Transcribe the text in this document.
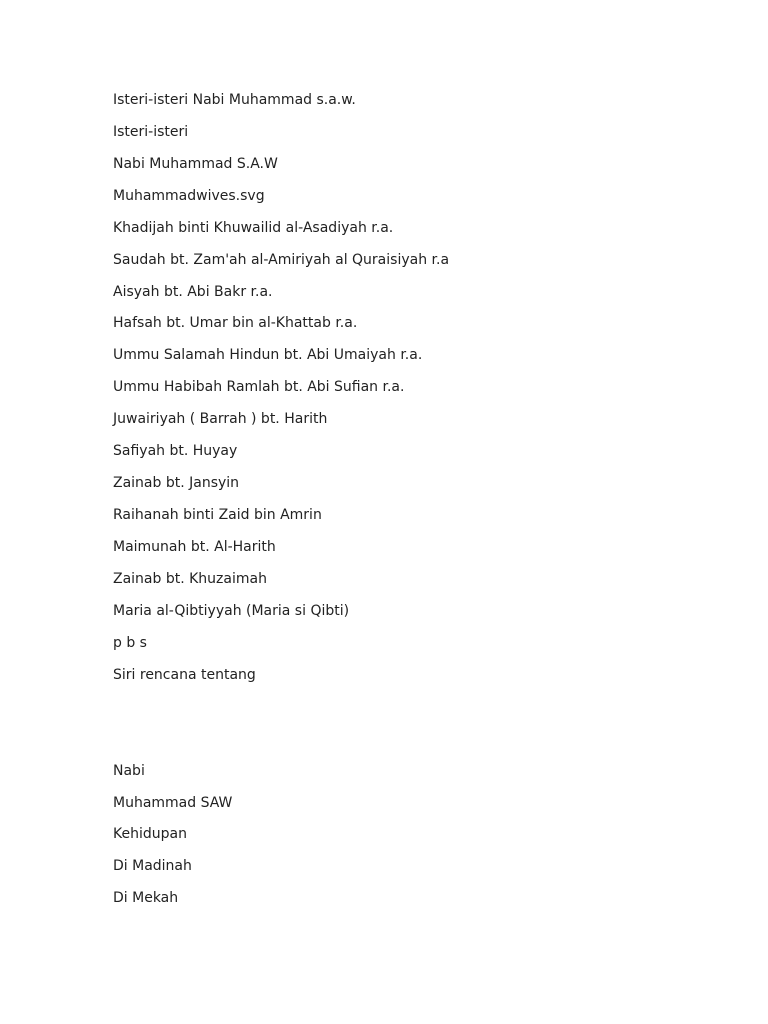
Isteri-isteri Nabi Muhammad s.a.w.
Isteri-isteri
Nabi Muhammad S.A.W
Muhammadwives.svg
Khadijah binti Khuwailid al-Asadiyah r.a.
Saudah bt. Zam'ah al-Amiriyah al Quraisiyah r.a
Aisyah bt. Abi Bakr r.a.
Hafsah bt. Umar bin al-Khattab r.a.
Ummu Salamah Hindun bt. Abi Umaiyah r.a.
Ummu Habibah Ramlah bt. Abi Sufian r.a.
Juwairiyah ( Barrah ) bt. Harith
Safiyah bt. Huyay
Zainab bt. Jansyin
Raihanah binti Zaid bin Amrin
Maimunah bt. Al-Harith
Zainab bt. Khuzaimah
Maria al-Qibtiyyah (Maria si Qibti)
p b s
Siri rencana tentang
Nabi
Muhammad SAW
Kehidupan
Di Madinah
Di Mekah
